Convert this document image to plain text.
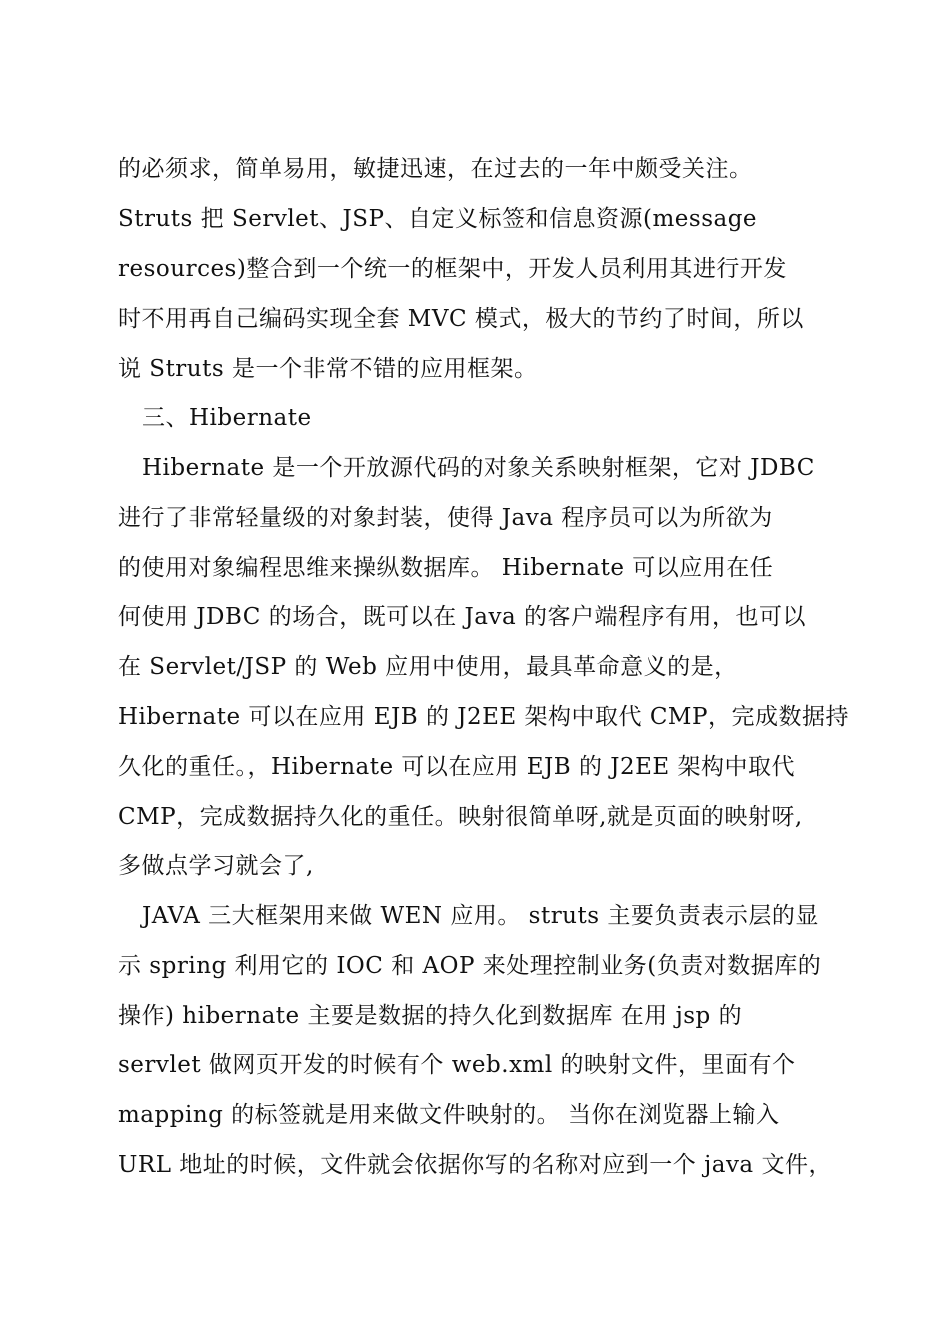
的必须求，简单易用，敏捷迅速，在过去的一年中颇受关注。
Struts 把 Servlet、JSP、自定义标签和信息资源(message
resources)整合到一个统一的框架中，开发人员利用其进行开发
时不用再自己编码实现全套 MVC 模式，极大的节约了时间，所以
说 Struts 是一个非常不错的应用框架。
三、Hibernate
Hibernate 是一个开放源代码的对象关系映射框架，它对 JDBC
进行了非常轻量级的对象封装，使得 Java 程序员可以为所欲为
的使用对象编程思维来操纵数据库。 Hibernate 可以应用在任
何使用 JDBC 的场合，既可以在 Java 的客户端程序有用，也可以
在 Servlet/JSP 的 Web 应用中使用，最具革命意义的是，
Hibernate 可以在应用 EJB 的 J2EE 架构中取代 CMP，完成数据持
久化的重任。，Hibernate 可以在应用 EJB 的 J2EE 架构中取代
CMP，完成数据持久化的重任。映射很简单呀,就是页面的映射呀,
多做点学习就会了,
JAVA 三大框架用来做 WEN 应用。 struts 主要负责表示层的显
示 spring 利用它的 IOC 和 AOP 来处理控制业务(负责对数据库的
操作) hibernate 主要是数据的持久化到数据库 在用 jsp 的
servlet 做网页开发的时候有个 web.xml 的映射文件，里面有个
mapping 的标签就是用来做文件映射的。 当你在浏览器上输入
URL 地址的时候，文件就会依据你写的名称对应到一个 java 文件，
